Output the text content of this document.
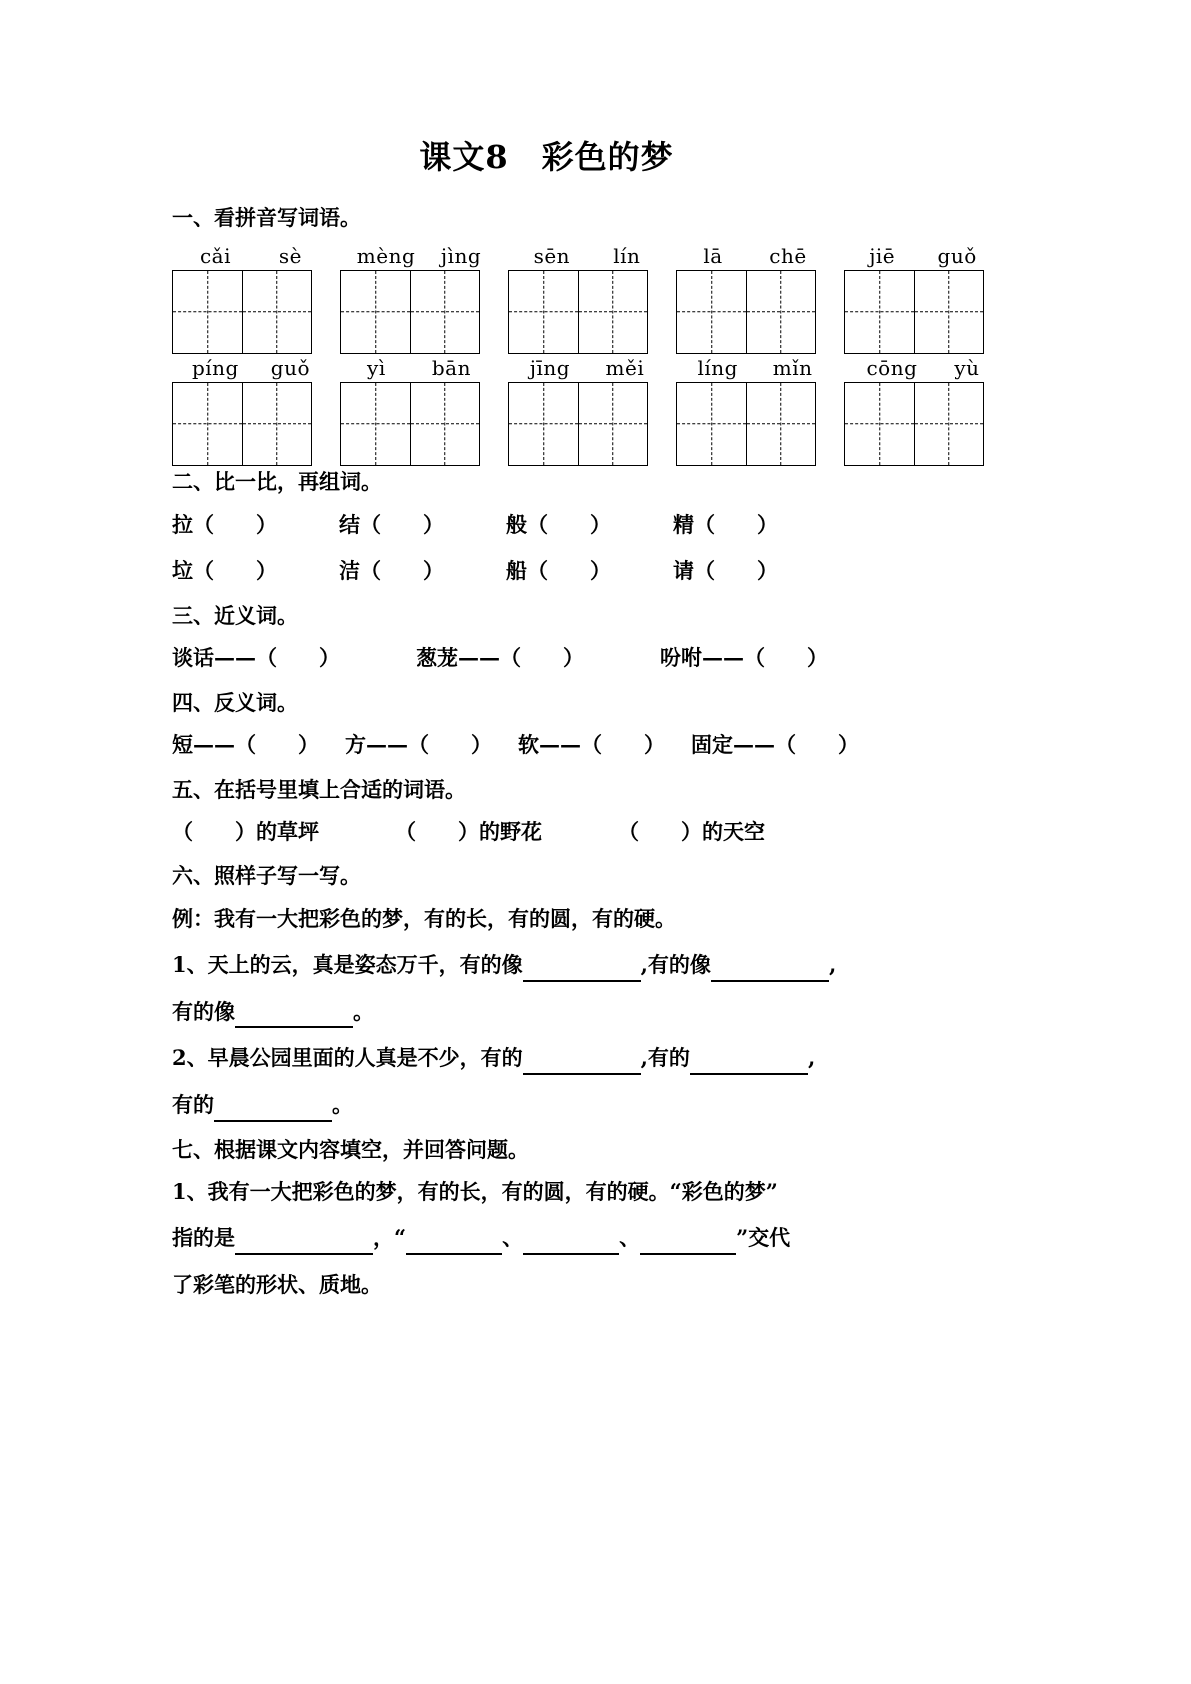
课文8　彩色的梦
一、看拼音写词语。
cǎi sè	mèng jìng	sēn lín	lā chē	jiē guǒ
píng guǒ	yì bān	jīng měi	líng mǐn	cōng yù
二、比一比，再组词。
拉（　　）	结（　　）	般（　　）	精（　　）
垃（　　）	洁（　　）	船（　　）	请（　　）
三、近义词。
谈话——（　　）	葱茏——（　　）	吩咐——（　　）
四、反义词。
短——（　　） 方——（　　） 软——（　　） 固定——（　　）
五、在括号里填上合适的词语。
（　　）的草坪	（　　）的野花	（　　）的天空
六、照样子写一写。
例：我有一大把彩色的梦，有的长，有的圆，有的硬。
1、天上的云，真是姿态万千，有的像	,有的像	,
有的像	。
2、早晨公园里面的人真是不少，有的	,有的	,
有的	。
七、根据课文内容填空，并回答问题。
1、我有一大把彩色的梦，有的长，有的圆，有的硬。“彩色的梦”
指的是	，“	、	、	”交代
了彩笔的形状、质地。
